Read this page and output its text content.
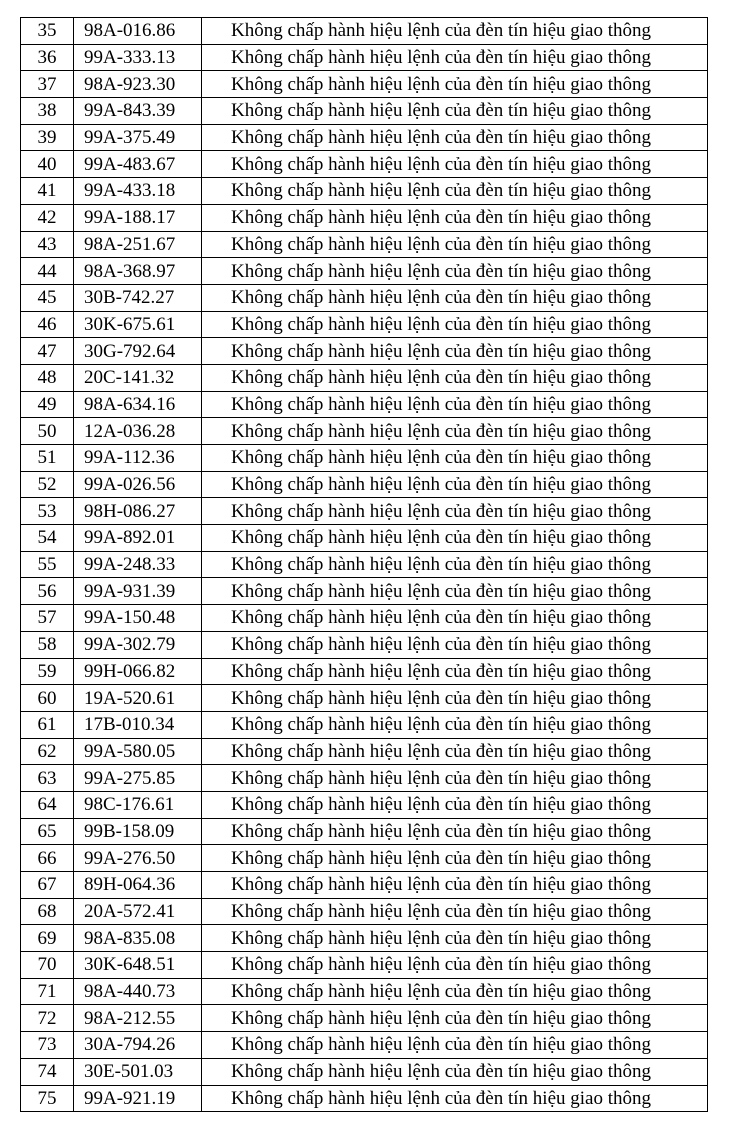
35	98A-016.86	Không chấp hành hiệu lệnh của đèn tín hiệu giao thông
36	99A-333.13	Không chấp hành hiệu lệnh của đèn tín hiệu giao thông
37	98A-923.30	Không chấp hành hiệu lệnh của đèn tín hiệu giao thông
38	99A-843.39	Không chấp hành hiệu lệnh của đèn tín hiệu giao thông
39	99A-375.49	Không chấp hành hiệu lệnh của đèn tín hiệu giao thông
40	99A-483.67	Không chấp hành hiệu lệnh của đèn tín hiệu giao thông
41	99A-433.18	Không chấp hành hiệu lệnh của đèn tín hiệu giao thông
42	99A-188.17	Không chấp hành hiệu lệnh của đèn tín hiệu giao thông
43	98A-251.67	Không chấp hành hiệu lệnh của đèn tín hiệu giao thông
44	98A-368.97	Không chấp hành hiệu lệnh của đèn tín hiệu giao thông
45	30B-742.27	Không chấp hành hiệu lệnh của đèn tín hiệu giao thông
46	30K-675.61	Không chấp hành hiệu lệnh của đèn tín hiệu giao thông
47	30G-792.64	Không chấp hành hiệu lệnh của đèn tín hiệu giao thông
48	20C-141.32	Không chấp hành hiệu lệnh của đèn tín hiệu giao thông
49	98A-634.16	Không chấp hành hiệu lệnh của đèn tín hiệu giao thông
50	12A-036.28	Không chấp hành hiệu lệnh của đèn tín hiệu giao thông
51	99A-112.36	Không chấp hành hiệu lệnh của đèn tín hiệu giao thông
52	99A-026.56	Không chấp hành hiệu lệnh của đèn tín hiệu giao thông
53	98H-086.27	Không chấp hành hiệu lệnh của đèn tín hiệu giao thông
54	99A-892.01	Không chấp hành hiệu lệnh của đèn tín hiệu giao thông
55	99A-248.33	Không chấp hành hiệu lệnh của đèn tín hiệu giao thông
56	99A-931.39	Không chấp hành hiệu lệnh của đèn tín hiệu giao thông
57	99A-150.48	Không chấp hành hiệu lệnh của đèn tín hiệu giao thông
58	99A-302.79	Không chấp hành hiệu lệnh của đèn tín hiệu giao thông
59	99H-066.82	Không chấp hành hiệu lệnh của đèn tín hiệu giao thông
60	19A-520.61	Không chấp hành hiệu lệnh của đèn tín hiệu giao thông
61	17B-010.34	Không chấp hành hiệu lệnh của đèn tín hiệu giao thông
62	99A-580.05	Không chấp hành hiệu lệnh của đèn tín hiệu giao thông
63	99A-275.85	Không chấp hành hiệu lệnh của đèn tín hiệu giao thông
64	98C-176.61	Không chấp hành hiệu lệnh của đèn tín hiệu giao thông
65	99B-158.09	Không chấp hành hiệu lệnh của đèn tín hiệu giao thông
66	99A-276.50	Không chấp hành hiệu lệnh của đèn tín hiệu giao thông
67	89H-064.36	Không chấp hành hiệu lệnh của đèn tín hiệu giao thông
68	20A-572.41	Không chấp hành hiệu lệnh của đèn tín hiệu giao thông
69	98A-835.08	Không chấp hành hiệu lệnh của đèn tín hiệu giao thông
70	30K-648.51	Không chấp hành hiệu lệnh của đèn tín hiệu giao thông
71	98A-440.73	Không chấp hành hiệu lệnh của đèn tín hiệu giao thông
72	98A-212.55	Không chấp hành hiệu lệnh của đèn tín hiệu giao thông
73	30A-794.26	Không chấp hành hiệu lệnh của đèn tín hiệu giao thông
74	30E-501.03	Không chấp hành hiệu lệnh của đèn tín hiệu giao thông
75	99A-921.19	Không chấp hành hiệu lệnh của đèn tín hiệu giao thông
